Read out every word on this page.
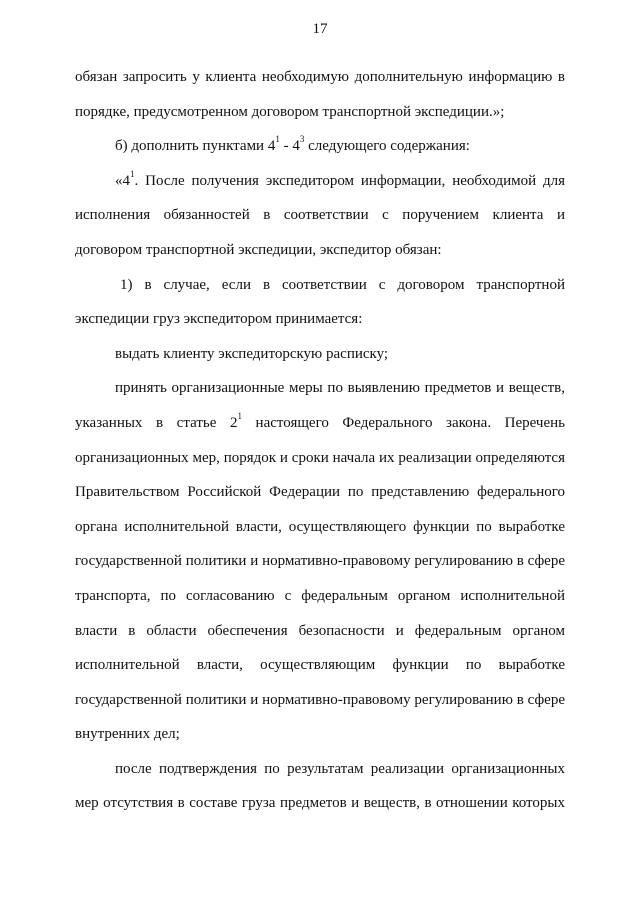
17

обязан запросить у клиента необходимую дополнительную информацию в порядке, предусмотренном договором транспортной экспедиции.»;

б) дополнить пунктами $4^1 - 4^3$ следующего содержания:

«$4^1$. После получения экспедитором информации, необходимой для исполнения обязанностей в соответствии с поручением клиента и договором транспортной экспедиции, экспедитор обязан:

1) в случае, если в соответствии с договором транспортной экспедиции груз экспедитором принимается:

выдать клиенту экспедиторскую расписку;

принять организационные меры по выявлению предметов и веществ, указанных в статье $2^1$ настоящего Федерального закона. Перечень организационных мер, порядок и сроки начала их реализации определяются Правительством Российской Федерации по представлению федерального органа исполнительной власти, осуществляющего функции по выработке государственной политики и нормативно-правовому регулированию в сфере транспорта, по согласованию с федеральным органом исполнительной власти в области обеспечения безопасности и федеральным органом исполнительной власти, осуществляющим функции по выработке государственной политики и нормативно-правовому регулированию в сфере внутренних дел;

после подтверждения по результатам реализации организационных мер отсутствия в составе груза предметов и веществ, в отношении которых
